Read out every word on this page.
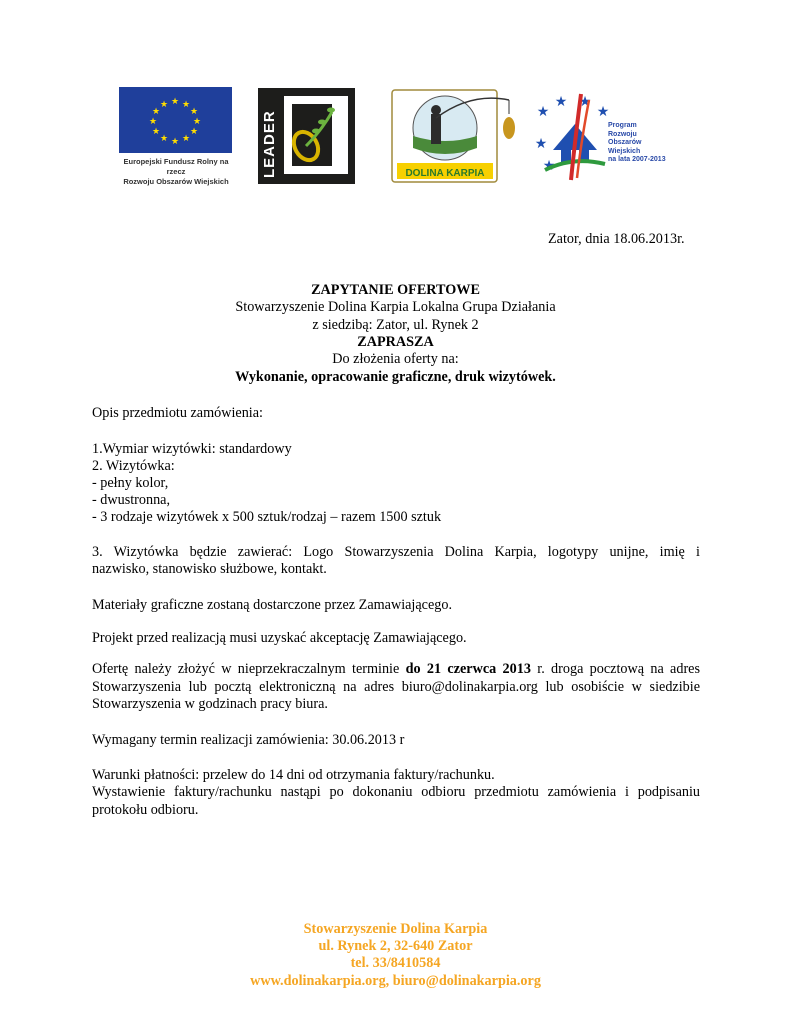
★ ★
★
★
★
★
★
★
★
★
★
★
Europejski Fundusz Rolny na rzecz
Rozwoju Obszarów Wiejskich
LEADER	DOLINA KARPIA
★
★ ★
★
★
★
Program
Rozwoju
Obszarów
Wiejskich
na lata 2007-2013
Zator, dnia 18.06.2013r.
ZAPYTANIE OFERTOWE
Stowarzyszenie Dolina Karpia Lokalna Grupa Działania
z siedzibą: Zator, ul. Rynek 2
ZAPRASZA
Do złożenia oferty na:
Wykonanie, opracowanie graficzne, druk wizytówek.
Opis przedmiotu zamówienia:
1.Wymiar wizytówki: standardowy
2. Wizytówka:
- pełny kolor,
- dwustronna,
- 3 rodzaje wizytówek x 500 sztuk/rodzaj – razem 1500 sztuk
3. Wizytówka będzie zawierać: Logo Stowarzyszenia Dolina Karpia, logotypy unijne, imię i
nazwisko, stanowisko służbowe, kontakt.
Materiały graficzne zostaną dostarczone przez Zamawiającego.
Projekt przed realizacją musi uzyskać akceptację Zamawiającego.
Ofertę należy złożyć w nieprzekraczalnym terminie do 21 czerwca 2013 r. droga pocztową na adres
Stowarzyszenia lub pocztą elektroniczną na adres biuro@dolinakarpia.org lub osobiście w siedzibie
Stowarzyszenia w godzinach pracy biura.
Wymagany termin realizacji zamówienia: 30.06.2013 r
Warunki płatności: przelew do 14 dni od otrzymania faktury/rachunku.
Wystawienie faktury/rachunku nastąpi po dokonaniu odbioru przedmiotu zamówienia i podpisaniu
protokołu odbioru.
Stowarzyszenie Dolina Karpia
ul. Rynek 2, 32-640 Zator
tel. 33/8410584
www.dolinakarpia.org, biuro@dolinakarpia.org
